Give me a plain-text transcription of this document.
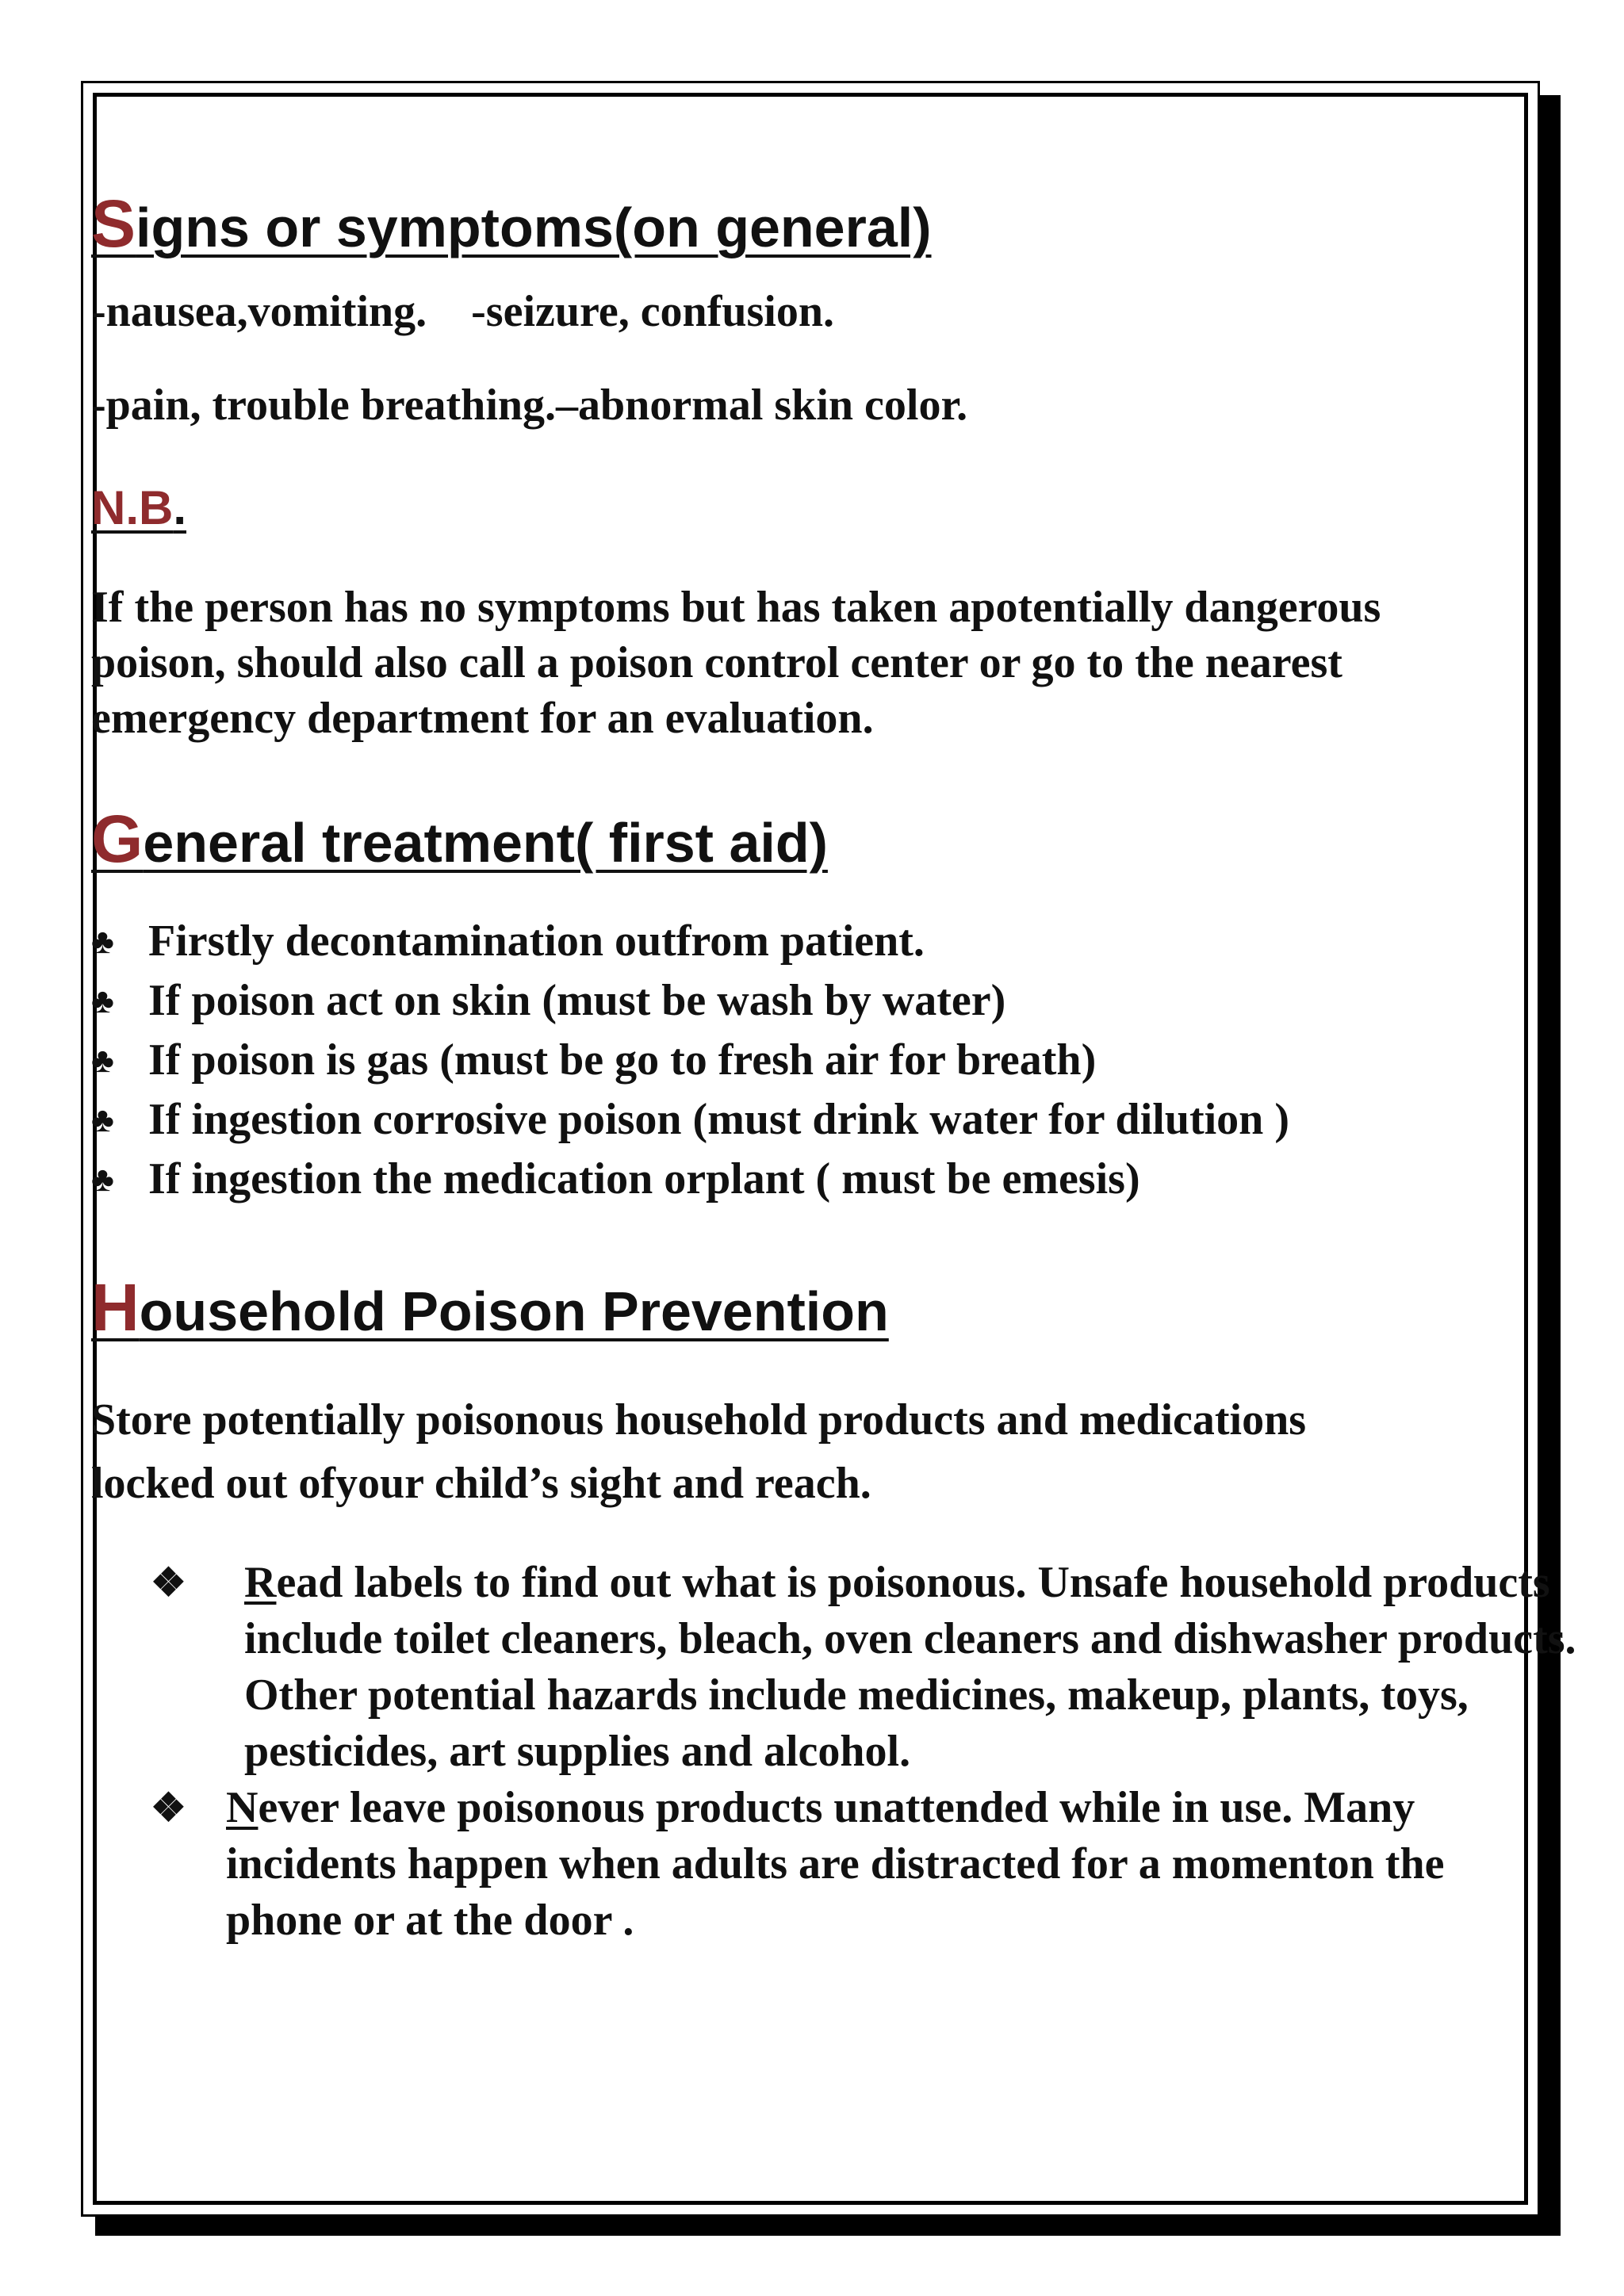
Signs or symptoms(on general)

-nausea,vomiting.    -seizure, confusion.

-pain, trouble breathing.–abnormal skin color.

N.B.

If the person has no symptoms but has taken apotentially dangerous poison, should also call a poison control center or go to the nearest emergency department for an evaluation.

General treatment( first aid)
♣ Firstly decontamination outfrom patient.
♣ If poison act on skin (must be wash by water)
♣ If poison is gas (must be go to fresh air for breath)
♣ If ingestion corrosive poison (must drink water for dilution )
♣ If ingestion the medication orplant ( must be emesis)
Household Poison Prevention

Store potentially poisonous household products and medications

locked out ofyour child’s sight and reach.

❖ Read labels to find out what is poisonous. Unsafe household products include toilet cleaners, bleach, oven cleaners and dishwasher products. Other potential hazards include medicines, makeup, plants, toys, pesticides, art supplies and alcohol.
❖ Never leave poisonous products unattended while in use. Many incidents happen when adults are distracted for a momenton the phone or at the door .
